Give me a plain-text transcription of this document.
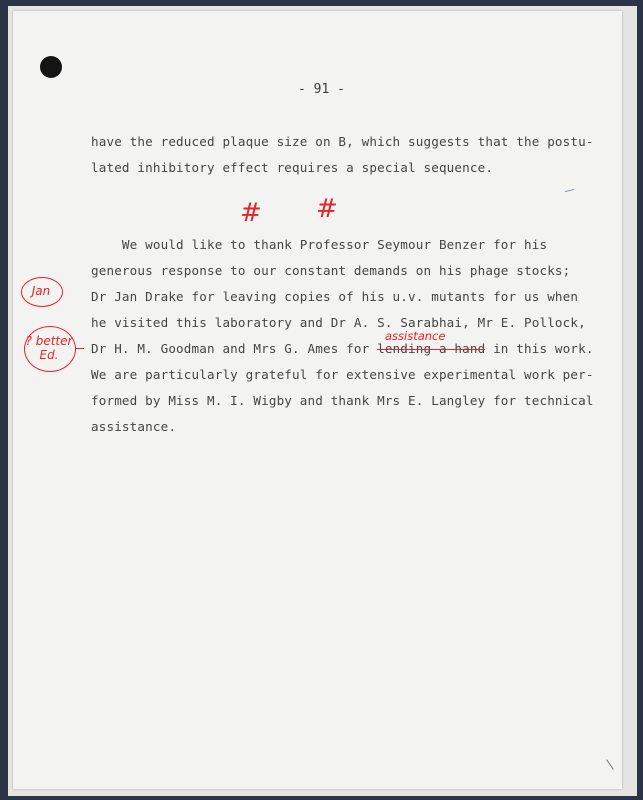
- 91 -
have the reduced plaque size on B, which suggests that the postu-
lated inhibitory effect requires a special sequence.
# #
We would like to thank Professor Seymour Benzer for his
generous response to our constant demands on his phage stocks;
Dr Jan Drake for leaving copies of his u.v. mutants for us when
he visited this laboratory and Dr A. S. Sarabhai, Mr E. Pollock,
assistance
Dr H. M. Goodman and Mrs G. Ames for lending a hand in this work.
We are particularly grateful for extensive experimental work per-
formed by Miss M. I. Wigby and thank Mrs E. Langley for technical
assistance.
Jan
? better
Ed.
